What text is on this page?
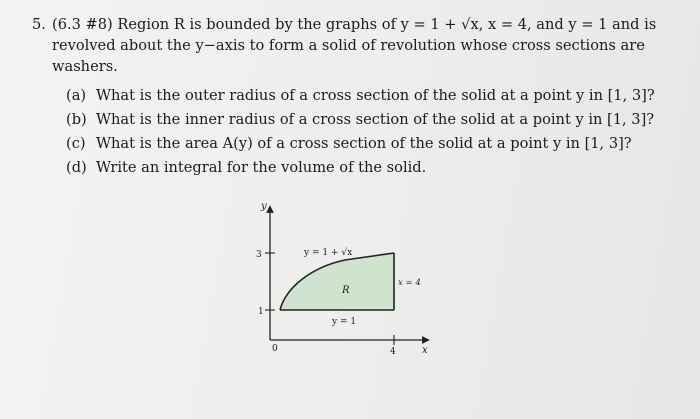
5. (6.3 #8) Region R is bounded by the graphs of y = 1 + √x, x = 4, and y = 1 and is revolved about the y−axis to form a solid of revolution whose cross sections are washers.
(a) What is the outer radius of a cross section of the solid at a point y in [1, 3]?
(b) What is the inner radius of a cross section of the solid at a point y in [1, 3]?
(c) What is the area A(y) of a cross section of the solid at a point y in [1, 3]?
(d) Write an integral for the volume of the solid.
y
x
3
1
4
0
y = 1 + √x
x = 4
y = 1
R
